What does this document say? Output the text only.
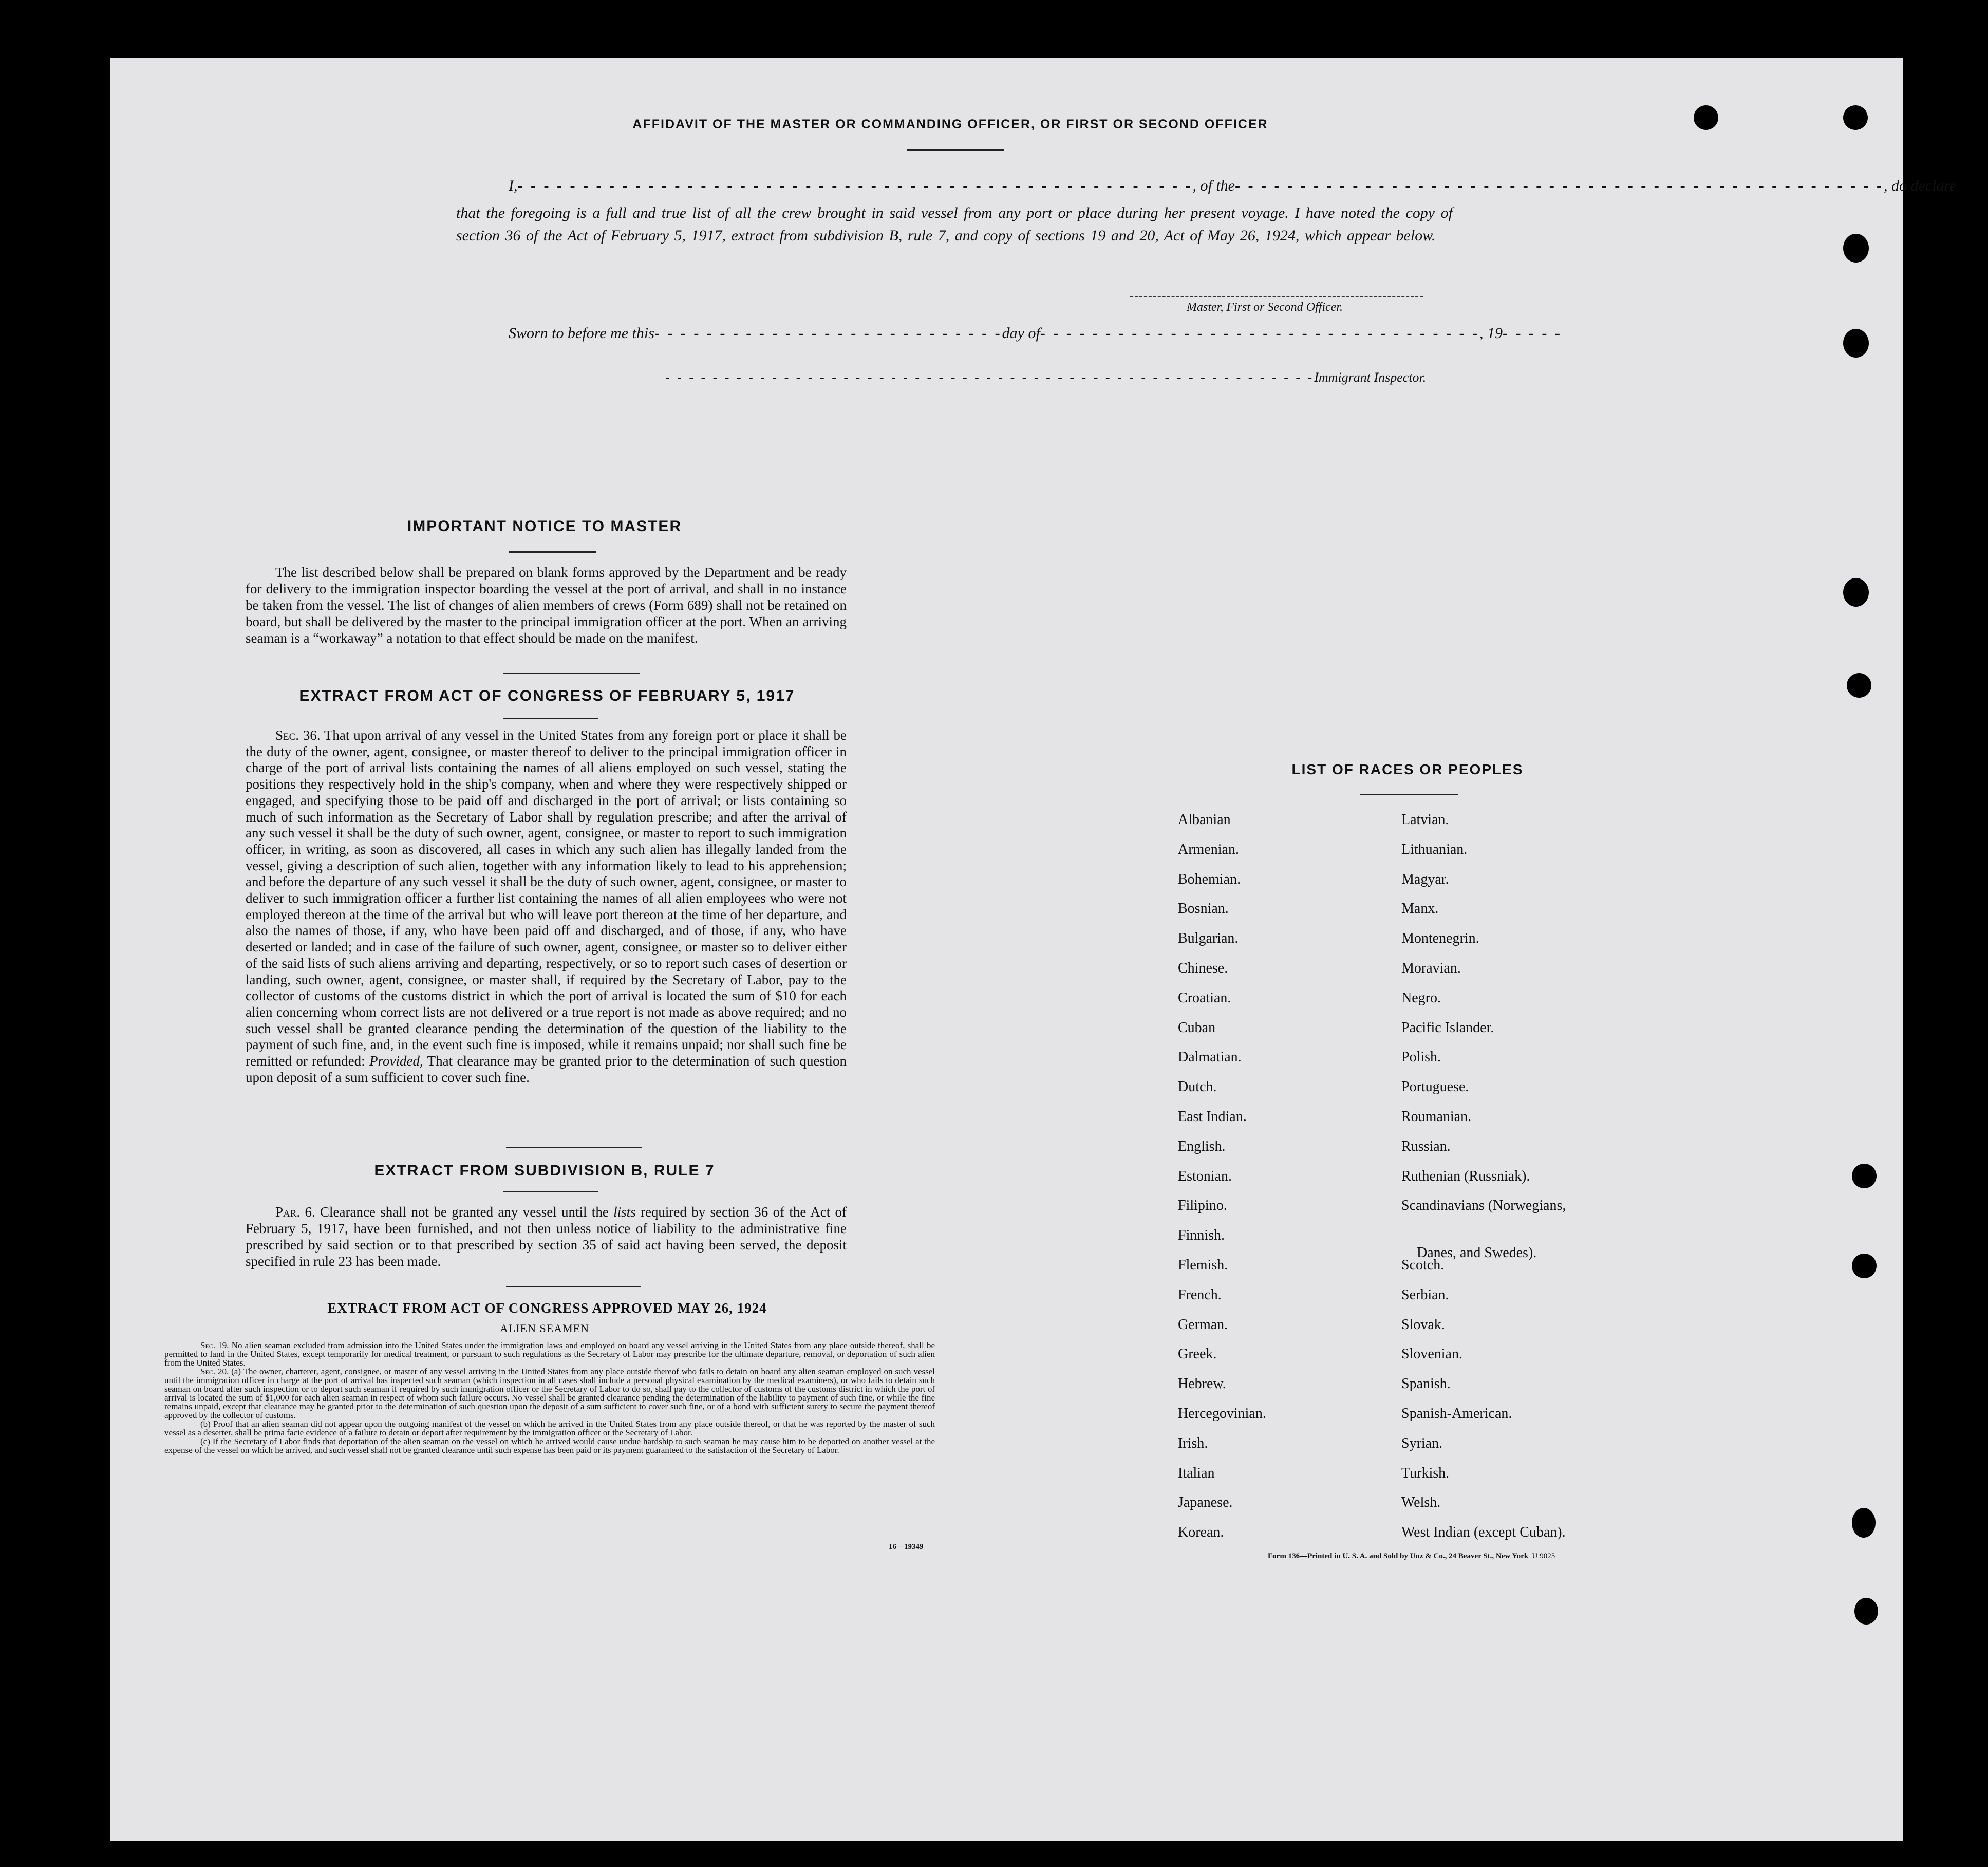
AFFIDAVIT OF THE MASTER OR COMMANDING OFFICER, OR FIRST OR SECOND OFFICER
I,- - - - - - - - - - - - - - - - - - - - - - - - - - - - - - - - - - - - - - - - - - - - - - - - - - - -, of the- - - - - - - - - - - - - - - - - - - - - - - - - - - - - - - - - - - - - - - - - - - - - - - - - -, do declare
that the foregoing is a full and true list of all the crew brought in said vessel from any port or place during her present voyage. I have noted the copy of section 36 of the Act of February 5, 1917, extract from subdivision B, rule 7, and copy of sections 19 and 20, Act of May 26, 1924, which appear below.
Master, First or Second Officer.
Sworn to before me this- - - - - - - - - - - - - - - - - - - - - - - - - - -day of- - - - - - - - - - - - - - - - - - - - - - - - - - - - - - - - - -, 19- - - - -
- - - - - - - - - - - - - - - - - - - - - - - - - - - - - - - - - - - - - - - - - - - - - - - - - - - - - - -Immigrant Inspector.
IMPORTANT NOTICE TO MASTER
The list described below shall be prepared on blank forms approved by the Department and be ready for delivery to the immigration inspector boarding the vessel at the port of arrival, and shall in no instance be taken from the vessel. The list of changes of alien members of crews (Form 689) shall not be retained on board, but shall be delivered by the master to the principal immigration officer at the port. When an arriving seaman is a “workaway” a notation to that effect should be made on the manifest.
EXTRACT FROM ACT OF CONGRESS OF FEBRUARY 5, 1917
Sec. 36. That upon arrival of any vessel in the United States from any foreign port or place it shall be the duty of the owner, agent, consignee, or master thereof to deliver to the principal immigration officer in charge of the port of arrival lists containing the names of all aliens employed on such vessel, stating the positions they respectively hold in the ship's company, when and where they were respectively shipped or engaged, and specifying those to be paid off and discharged in the port of arrival; or lists containing so much of such information as the Secretary of Labor shall by regulation prescribe; and after the arrival of any such vessel it shall be the duty of such owner, agent, consignee, or master to report to such immigration officer, in writing, as soon as discovered, all cases in which any such alien has illegally landed from the vessel, giving a description of such alien, together with any information likely to lead to his apprehension; and before the departure of any such vessel it shall be the duty of such owner, agent, consignee, or master to deliver to such immigration officer a further list containing the names of all alien employees who were not employed thereon at the time of the arrival but who will leave port thereon at the time of her departure, and also the names of those, if any, who have been paid off and discharged, and of those, if any, who have deserted or landed; and in case of the failure of such owner, agent, consignee, or master so to deliver either of the said lists of such aliens arriving and departing, respectively, or so to report such cases of desertion or landing, such owner, agent, consignee, or master shall, if required by the Secretary of Labor, pay to the collector of customs of the customs district in which the port of arrival is located the sum of $10 for each alien concerning whom correct lists are not delivered or a true report is not made as above required; and no such vessel shall be granted clearance pending the determination of the question of the liability to the payment of such fine, and, in the event such fine is imposed, while it remains unpaid; nor shall such fine be remitted or refunded: Provided, That clearance may be granted prior to the determination of such question upon deposit of a sum sufficient to cover such fine.
EXTRACT FROM SUBDIVISION B, RULE 7
Par. 6. Clearance shall not be granted any vessel until the lists required by section 36 of the Act of February 5, 1917, have been furnished, and not then unless notice of liability to the administrative fine prescribed by said section or to that prescribed by section 35 of said act having been served, the deposit specified in rule 23 has been made.
EXTRACT FROM ACT OF CONGRESS APPROVED MAY 26, 1924
ALIEN SEAMEN

Sec. 19. No alien seaman excluded from admission into the United States under the immigration laws and employed on board any vessel arriving in the United States from any place outside thereof, shall be permitted to land in the United States, except temporarily for medical treatment, or pursuant to such regulations as the Secretary of Labor may prescribe for the ultimate departure, removal, or deportation of such alien from the United States.

Sec. 20. (a) The owner, charterer, agent, consignee, or master of any vessel arriving in the United States from any place outside thereof who fails to detain on board any alien seaman employed on such vessel until the immigration officer in charge at the port of arrival has inspected such seaman (which inspection in all cases shall include a personal physical examination by the medical examiners), or who fails to detain such seaman on board after such inspection or to deport such seaman if required by such immigration officer or the Secretary of Labor to do so, shall pay to the collector of customs of the customs district in which the port of arrival is located the sum of $1,000 for each alien seaman in respect of whom such failure occurs. No vessel shall be granted clearance pending the determination of the liability to payment of such fine, or while the fine remains unpaid, except that clearance may be granted prior to the determination of such question upon the deposit of a sum sufficient to cover such fine, or of a bond with sufficient surety to secure the payment thereof approved by the collector of customs.

(b) Proof that an alien seaman did not appear upon the outgoing manifest of the vessel on which he arrived in the United States from any place outside thereof, or that he was reported by the master of such vessel as a deserter, shall be prima facie evidence of a failure to detain or deport after requirement by the immigration officer or the Secretary of Labor.

(c) If the Secretary of Labor finds that deportation of the alien seaman on the vessel on which he arrived would cause undue hardship to such seaman he may cause him to be deported on another vessel at the expense of the vessel on which he arrived, and such vessel shall not be granted clearance until such expense has been paid or its payment guaranteed to the satisfaction of the Secretary of Labor.

16—19349
LIST OF RACES OR PEOPLES
Albanian
Armenian.
Bohemian.
Bosnian.
Bulgarian.
Chinese.
Croatian.
Cuban
Dalmatian.
Dutch.
East Indian.
English.
Estonian.
Filipino.
Finnish.
Flemish.
French.
German.
Greek.
Hebrew.
Hercegovinian.
Irish.
Italian
Japanese.
Korean.
Latvian.
Lithuanian.
Magyar.
Manx.
Montenegrin.
Moravian.
Negro.
Pacific Islander.
Polish.
Portuguese.
Roumanian.
Russian.
Ruthenian (Russniak).
Scandinavians (Norwegians,
Danes, and Swedes).
Scotch.
Serbian.
Slovak.
Slovenian.
Spanish.
Spanish-American.
Syrian.
Turkish.
Welsh.
West Indian (except Cuban).
Form 136—Printed in U. S. A. and Sold by Unz & Co., 24 Beaver St., New York U 9025
